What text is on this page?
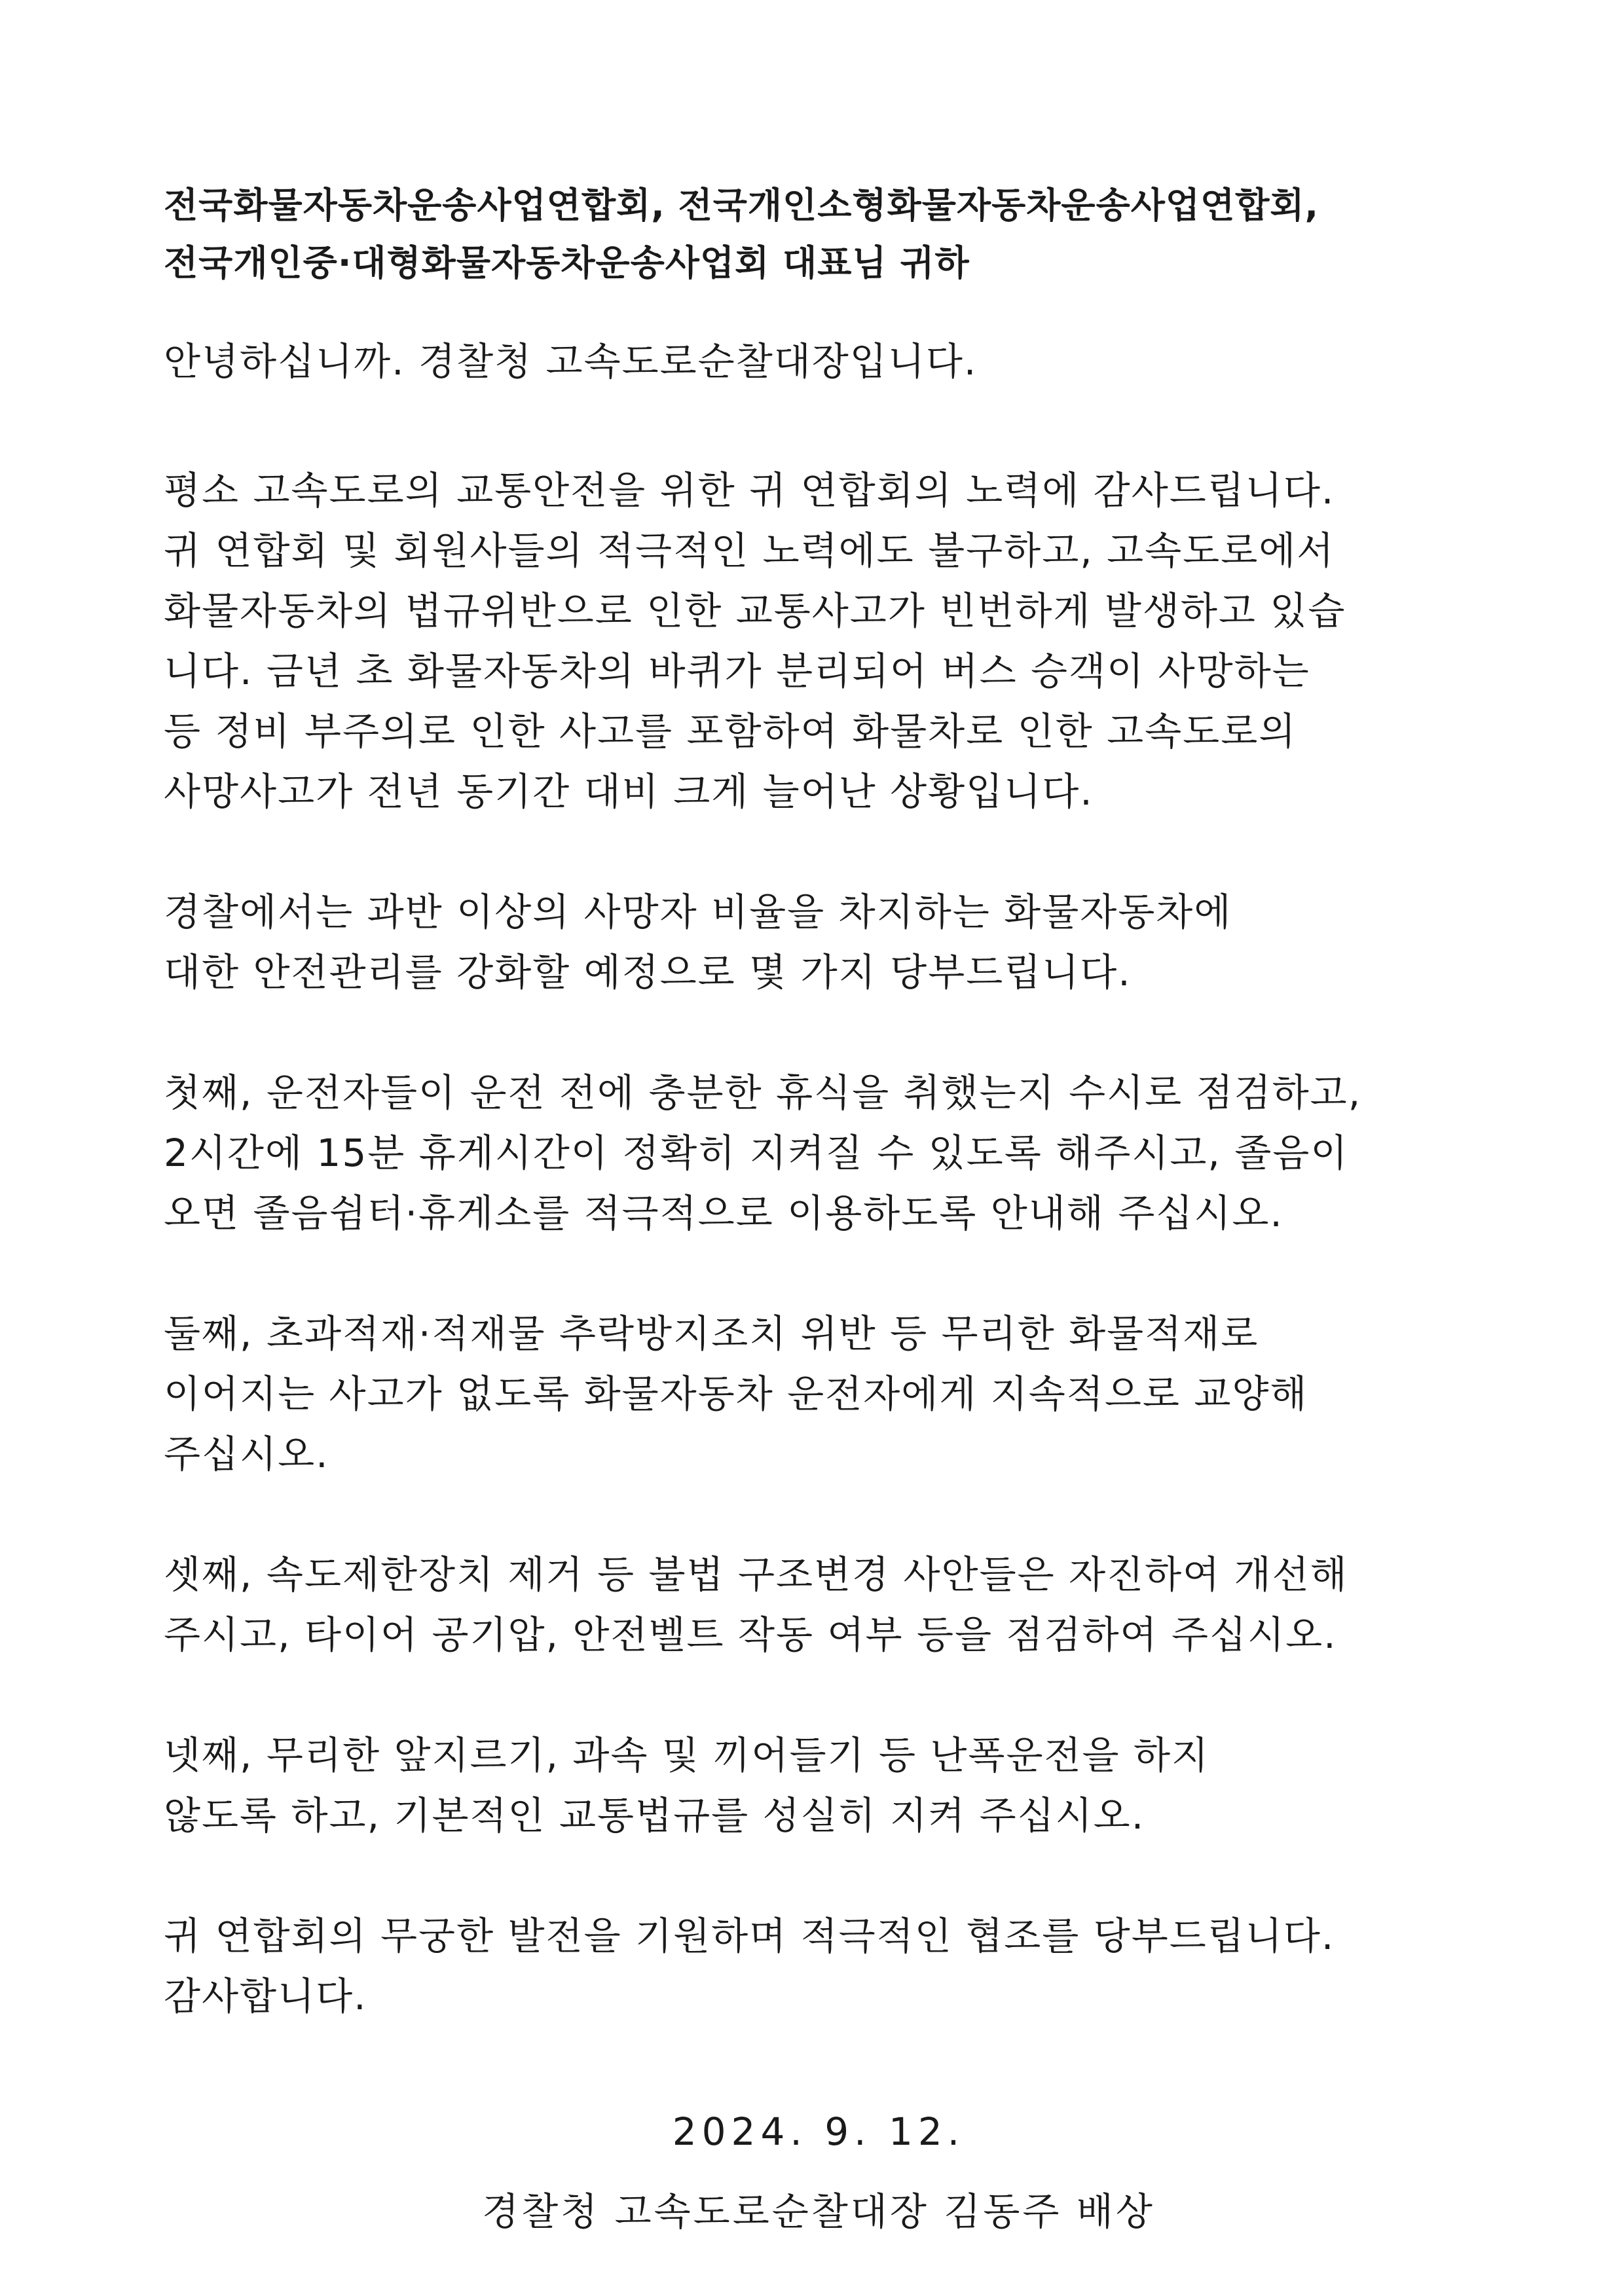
전국화물자동차운송사업연합회, 전국개인소형화물자동차운송사업연합회,
전국개인중·대형화물자동차운송사업회 대표님 귀하
안녕하십니까. 경찰청 고속도로순찰대장입니다.
평소 고속도로의 교통안전을 위한 귀 연합회의 노력에 감사드립니다.
귀 연합회 및 회원사들의 적극적인 노력에도 불구하고, 고속도로에서
화물자동차의 법규위반으로 인한 교통사고가 빈번하게 발생하고 있습
니다. 금년 초 화물자동차의 바퀴가 분리되어 버스 승객이 사망하는
등 정비 부주의로 인한 사고를 포함하여 화물차로 인한 고속도로의
사망사고가 전년 동기간 대비 크게 늘어난 상황입니다.
경찰에서는 과반 이상의 사망자 비율을 차지하는 화물자동차에
대한 안전관리를 강화할 예정으로 몇 가지 당부드립니다.
첫째, 운전자들이 운전 전에 충분한 휴식을 취했는지 수시로 점검하고,
2시간에 15분 휴게시간이 정확히 지켜질 수 있도록 해주시고, 졸음이
오면 졸음쉼터·휴게소를 적극적으로 이용하도록 안내해 주십시오.
둘째, 초과적재·적재물 추락방지조치 위반 등 무리한 화물적재로
이어지는 사고가 없도록 화물자동차 운전자에게 지속적으로 교양해
주십시오.
셋째, 속도제한장치 제거 등 불법 구조변경 사안들은 자진하여 개선해
주시고, 타이어 공기압, 안전벨트 작동 여부 등을 점검하여 주십시오.
넷째, 무리한 앞지르기, 과속 및 끼어들기 등 난폭운전을 하지
않도록 하고, 기본적인 교통법규를 성실히 지켜 주십시오.
귀 연합회의 무궁한 발전을 기원하며 적극적인 협조를 당부드립니다.
감사합니다.
2024. 9. 12.
경찰청 고속도로순찰대장 김동주 배상
